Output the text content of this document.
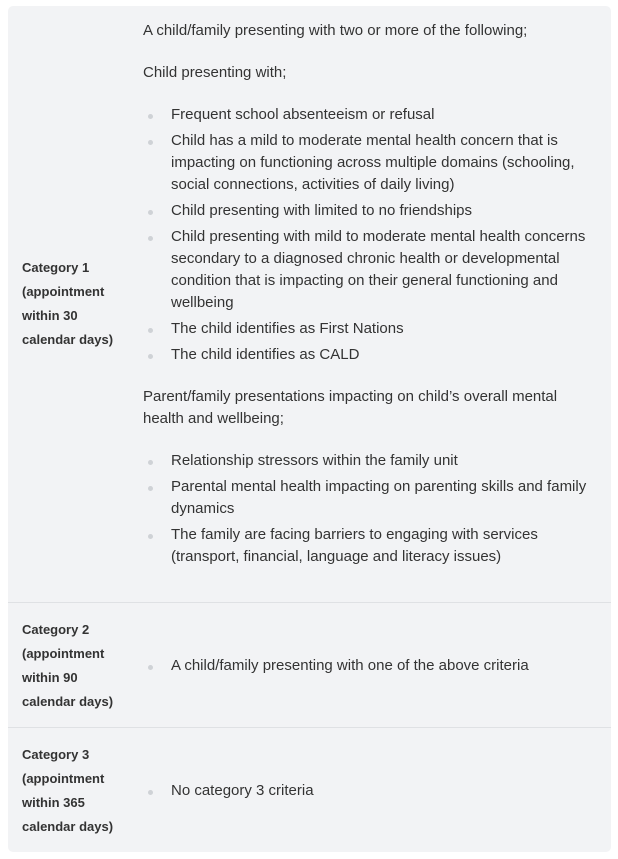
Category 1
(appointment
within 30
calendar days)

A child/family presenting with two or more of the following;

Child presenting with;

Frequent school absenteeism or refusal
Child has a mild to moderate mental health concern that is impacting on functioning across multiple domains (schooling, social connections, activities of daily living)
Child presenting with limited to no friendships
Child presenting with mild to moderate mental health concerns secondary to a diagnosed chronic health or developmental condition that is impacting on their general functioning and wellbeing
The child identifies as First Nations
The child identifies as CALD

Parent/family presentations impacting on child’s overall mental health and wellbeing;

Relationship stressors within the family unit
Parental mental health impacting on parenting skills and family dynamics
The family are facing barriers to engaging with services (transport, financial, language and literacy issues)
Category 2
(appointment
within 90
calendar days)
A child/family presenting with one of the above criteria
Category 3
(appointment
within 365
calendar days)
No category 3 criteria
